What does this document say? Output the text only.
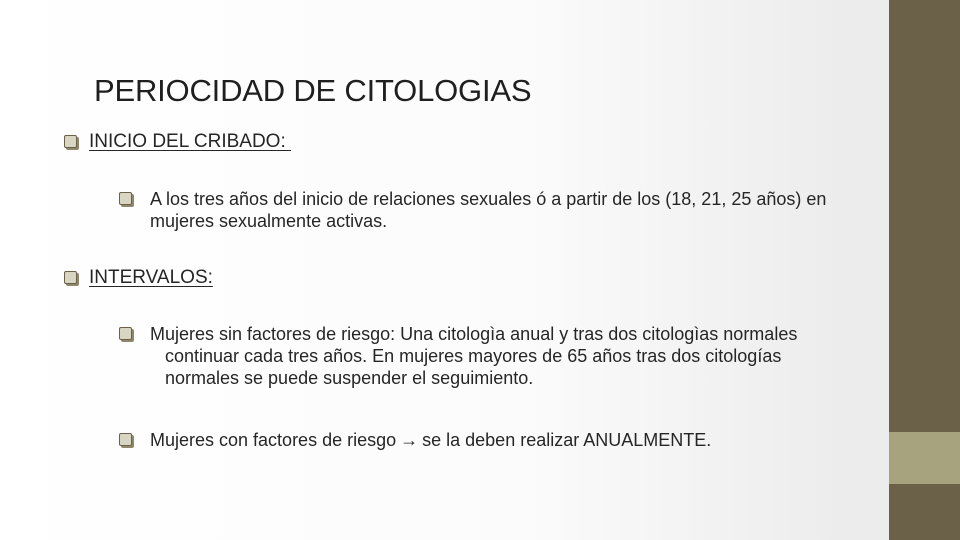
PERIOCIDAD DE CITOLOGIAS
INICIO DEL CRIBADO:
A los tres años del inicio de relaciones sexuales ó a partir de los (18, 21, 25 años) en mujeres sexualmente activas.
INTERVALOS:
Mujeres sin factores de riesgo: Una citologìa anual y tras dos citologìas normales continuar cada tres años. En mujeres mayores de 65 años tras dos citologías normales se puede suspender el seguimiento.
Mujeres con factores de riesgo → se la deben realizar ANUALMENTE.
